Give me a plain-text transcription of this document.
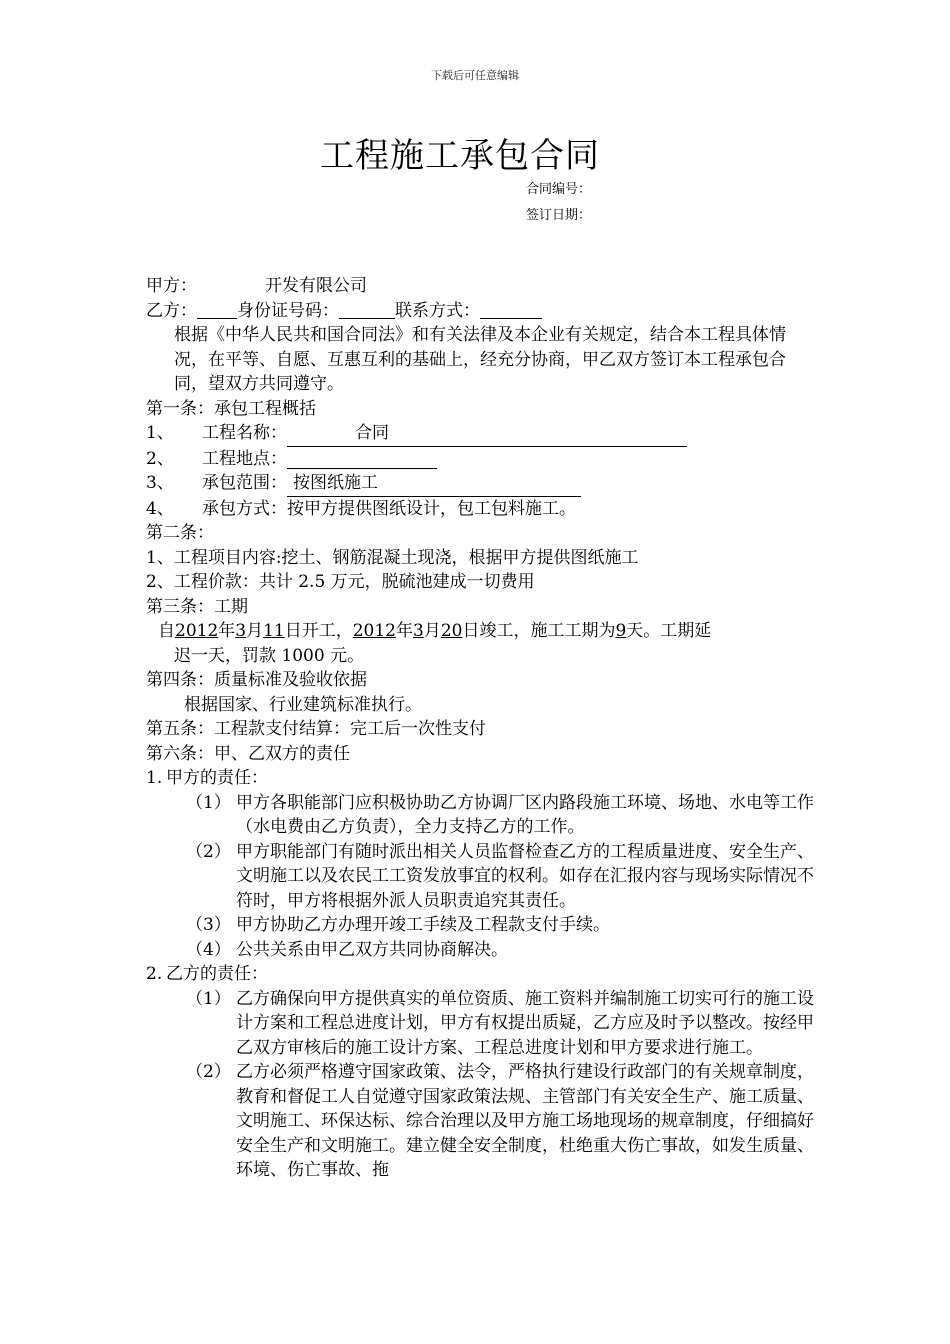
下载后可任意编辑
工程施工承包合同
合同编号：
签订日期：

甲方：	开发有限公司

乙方： 身份证号码：	联系方式：

根据《中华人民共和国合同法》和有关法律及本企业有关规定，结合本工程具体情况，在平等、自愿、互惠互利的基础上，经充分协商，甲乙双方签订本工程承包合同，望双方共同遵守。

第一条：承包工程概括

1、	工程名称：	合同
2、	工程地点：
3、	承包范围： 按图纸施工
4、	承包方式： 按甲方提供图纸设计，包工包料施工。

第二条：

1、工程项目内容:挖土、钢筋混凝土现浇，根据甲方提供图纸施工

2、工程价款：共计 2.5 万元，脱硫池建成一切费用

第三条：工期

自2012年3月11日开工，2012年3月20日竣工，施工工期为9天。工期延

迟一天，罚款 1000 元。

第四条：质量标准及验收依据

根据国家、行业建筑标准执行。

第五条：工程款支付结算：完工后一次性支付

第六条：甲、乙双方的责任

1. 甲方的责任：
（1） 甲方各职能部门应积极协助乙方协调厂区内路段施工环境、场地、水电等工作（水电费由乙方负责），全力支持乙方的工作。
（2） 甲方职能部门有随时派出相关人员监督检查乙方的工程质量进度、安全生产、文明施工以及农民工工资发放事宜的权利。如存在汇报内容与现场实际情况不符时，甲方将根据外派人员职责追究其责任。
（3） 甲方协助乙方办理开竣工手续及工程款支付手续。
（4） 公共关系由甲乙双方共同协商解决。
2. 乙方的责任：
（1） 乙方确保向甲方提供真实的单位资质、施工资料并编制施工切实可行的施工设计方案和工程总进度计划，甲方有权提出质疑，乙方应及时予以整改。按经甲乙双方审核后的施工设计方案、工程总进度计划和甲方要求进行施工。
（2） 乙方必须严格遵守国家政策、法令，严格执行建设行政部门的有关规章制度，教育和督促工人自觉遵守国家政策法规、主管部门有关安全生产、施工质量、文明施工、环保达标、综合治理以及甲方施工场地现场的规章制度，仔细搞好安全生产和文明施工。建立健全安全制度，杜绝重大伤亡事故，如发生质量、环境、伤亡事故、拖
